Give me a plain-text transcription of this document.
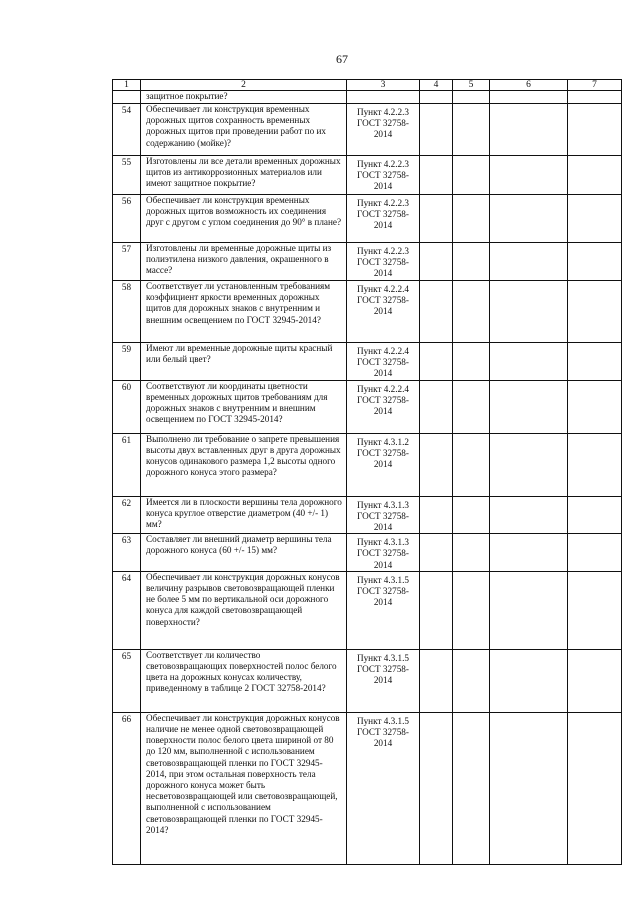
67
1	2	3	4	5	6	7
	защитное покрытие?					
54	Обеспечивает ли конструкция временных дорожных щитов сохранность временных дорожных щитов при проведении работ по их содержанию (мойке)?	Пункт 4.2.2.3 ГОСТ 32758-2014				
55	Изготовлены ли все детали временных дорожных щитов из антикоррозионных материалов или имеют защитное покрытие?	Пункт 4.2.2.3 ГОСТ 32758-2014				
56	Обеспечивает ли конструкция временных дорожных щитов возможность их соединения друг с другом с углом соединения до 90° в плане?	Пункт 4.2.2.3 ГОСТ 32758-2014				
57	Изготовлены ли временные дорожные щиты из полиэтилена низкого давления, окрашенного в массе?	Пункт 4.2.2.3 ГОСТ 32758-2014				
58	Соответствует ли установленным требованиям коэффициент яркости временных дорожных щитов для дорожных знаков с внутренним и внешним освещением по ГОСТ 32945-2014?	Пункт 4.2.2.4 ГОСТ 32758-2014				
59	Имеют ли временные дорожные щиты красный или белый цвет?	Пункт 4.2.2.4 ГОСТ 32758-2014				
60	Соответствуют ли координаты цветности временных дорожных щитов требованиям для дорожных знаков с внутренним и внешним освещением по ГОСТ 32945-2014?	Пункт 4.2.2.4 ГОСТ 32758-2014				
61	Выполнено ли требование о запрете превышения высоты двух вставленных друг в друга дорожных конусов одинакового размера 1,2 высоты одного дорожного конуса этого размера?	Пункт 4.3.1.2 ГОСТ 32758-2014				
62	Имеется ли в плоскости вершины тела дорожного конуса круглое отверстие диаметром (40 +/- 1) мм?	Пункт 4.3.1.3 ГОСТ 32758-2014				
63	Составляет ли внешний диаметр вершины тела дорожного конуса (60 +/- 15) мм?	Пункт 4.3.1.3 ГОСТ 32758-2014				
64	Обеспечивает ли конструкция дорожных конусов величину разрывов световозвращающей пленки не более 5 мм по вертикальной оси дорожного конуса для каждой световозвращающей поверхности?	Пункт 4.3.1.5 ГОСТ 32758-2014				
65	Соответствует ли количество световозвращающих поверхностей полос белого цвета на дорожных конусах количеству, приведенному в таблице 2 ГОСТ 32758-2014?	Пункт 4.3.1.5 ГОСТ 32758-2014				
66	Обеспечивает ли конструкция дорожных конусов наличие не менее одной световозвращающей поверхности полос белого цвета шириной от 80 до 120 мм, выполненной с использованием световозвращающей пленки по ГОСТ 32945-2014, при этом остальная поверхность тела дорожного конуса может быть несветовозвращающей или световозвращающей, выполненной с использованием световозвращающей пленки по ГОСТ 32945-2014?	Пункт 4.3.1.5 ГОСТ 32758-2014				
